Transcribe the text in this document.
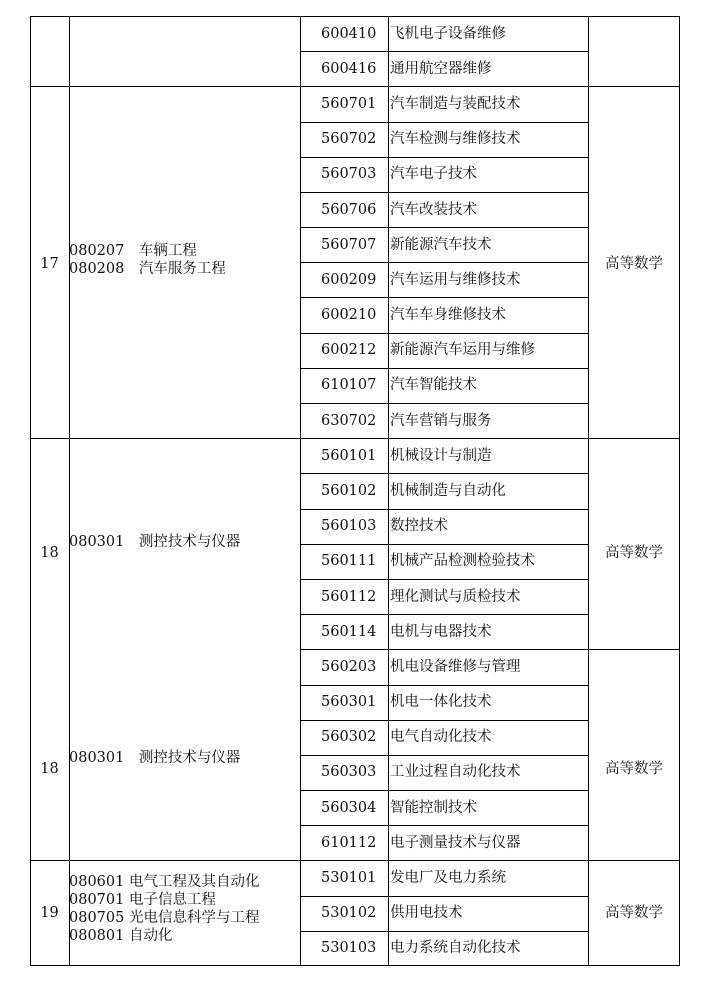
600410 飞机电子设备维修
600416 通用航空器维修
560701 汽车制造与装配技术
560702 汽车检测与维修技术
560703 汽车电子技术
560706 汽车改装技术
560707 新能源汽车技术
600209 汽车运用与维修技术
600210 汽车车身维修技术
600212 新能源汽车运用与维修
610107 汽车智能技术
630702 汽车营销与服务
560101 机械设计与制造
560102 机械制造与自动化
560103 数控技术
560111 机械产品检测检验技术
560112 理化测试与质检技术
560114 电机与电器技术
560203 机电设备维修与管理
560301 机电一体化技术
560302 电气自动化技术
560303 工业过程自动化技术
560304 智能控制技术
610112 电子测量技术与仪器
530101 发电厂及电力系统
530102 供用电技术
530103 电力系统自动化技术
17
080207　车辆工程
080208　汽车服务工程	高等数学
18
080301　测控技术与仪器
高等数学
18
080301　测控技术与仪器
高等数学
19
080601 电气工程及其自动化
080701 电子信息工程
080705 光电信息科学与工程
080801 自动化
高等数学
